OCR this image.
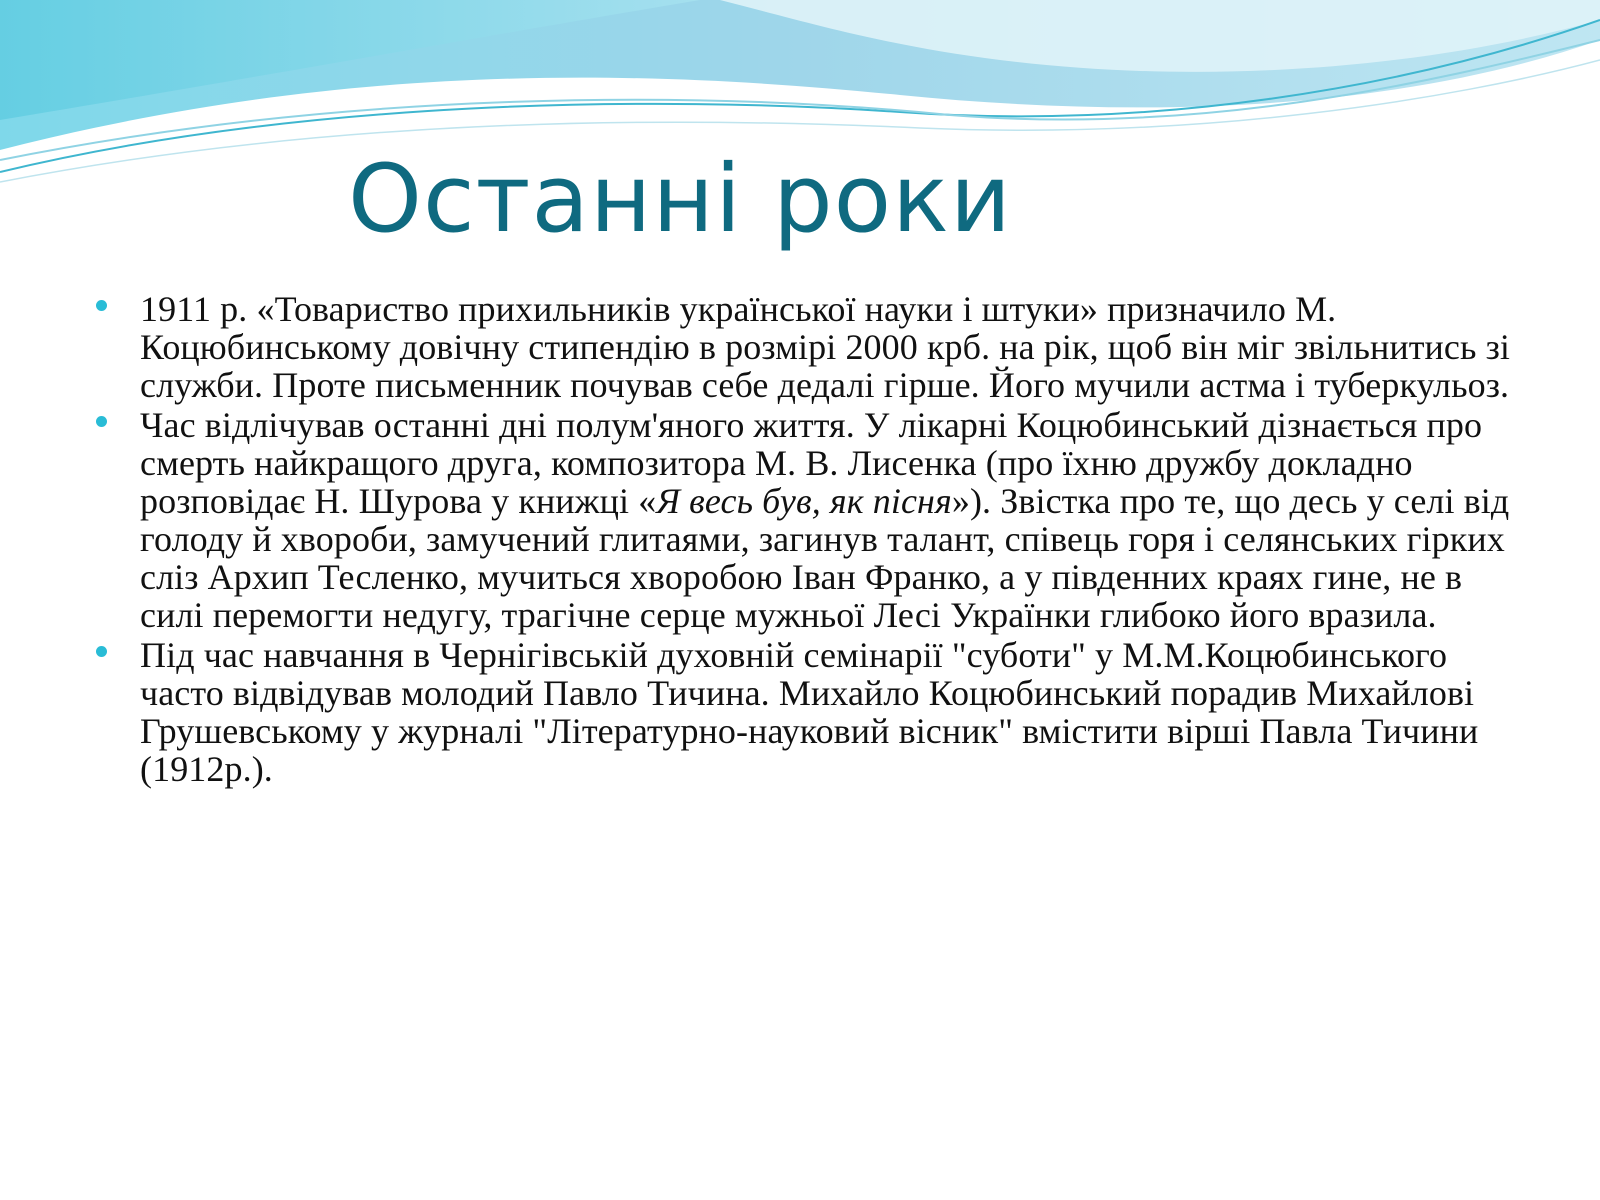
Останні роки
1911 р. «Товариство прихильників української науки і штуки» призначило М. Коцюбинському довічну стипендію в розмірі 2000 крб. на рік, щоб він міг звільнитись зі служби. Проте письменник почував себе дедалі гірше. Його мучили астма і туберкульоз.
Час відлічував останні дні полум'яного життя. У лікарні Коцюбинський дізнається про смерть найкращого друга, композитора М. В. Лисенка (про їхню дружбу докладно розповідає Н. Шурова у книжці «Я весь був, як пісня»). Звістка про те, що десь у селі від голоду й хвороби, замучений глитаями, загинув талант, співець горя і селянських гірких сліз Архип Тесленко, мучиться хворобою Іван Франко, а у південних краях гине, не в силі перемогти недугу, трагічне серце мужньої Лесі Українки глибоко його вразила.
Під час навчання в Чернігівській духовній семінарії "суботи" у М.М.Коцюбинського часто відвідував молодий Павло Тичина. Михайло Коцюбинський порадив Михайлові Грушевському у журналі "Літературно-науковий вісник" вмістити вірші Павла Тичини (1912р.).
